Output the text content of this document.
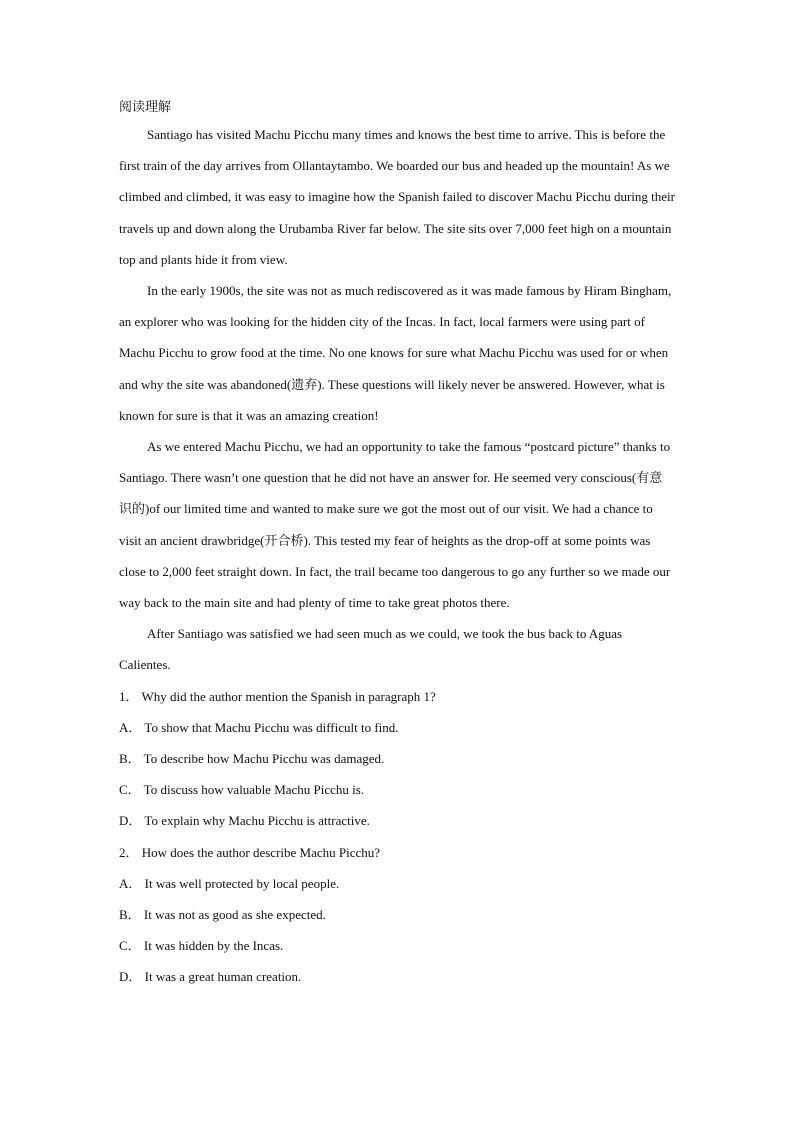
阅读理解

Santiago has visited Machu Picchu many times and knows the best time to arrive. This is before the first train of the day arrives from Ollantaytambo. We boarded our bus and headed up the mountain! As we climbed and climbed, it was easy to imagine how the Spanish failed to discover Machu Picchu during their travels up and down along the Urubamba River far below. The site sits over 7,000 feet high on a mountain top and plants hide it from view.

In the early 1900s, the site was not as much rediscovered as it was made famous by Hiram Bingham, an explorer who was looking for the hidden city of the Incas. In fact, local farmers were using part of Machu Picchu to grow food at the time. No one knows for sure what Machu Picchu was used for or when and why the site was abandoned(遗弃). These questions will likely never be answered. However, what is known for sure is that it was an amazing creation!

As we entered Machu Picchu, we had an opportunity to take the famous “postcard picture” thanks to Santiago. There wasn’t one question that he did not have an answer for. He seemed very conscious(有意识的)of our limited time and wanted to make sure we got the most out of our visit. We had a chance to visit an ancient drawbridge(开合桥). This tested my fear of heights as the drop-off at some points was close to 2,000 feet straight down. In fact, the trail became too dangerous to go any further so we made our way back to the main site and had plenty of time to take great photos there.

After Santiago was satisfied we had seen much as we could, we took the bus back to Aguas Calientes.

1． Why did the author mention the Spanish in paragraph 1?

A． To show that Machu Picchu was difficult to find.

B． To describe how Machu Picchu was damaged.

C． To discuss how valuable Machu Picchu is.

D． To explain why Machu Picchu is attractive.

2． How does the author describe Machu Picchu?

A． It was well protected by local people.

B． It was not as good as she expected.

C． It was hidden by the Incas.

D． It was a great human creation.
